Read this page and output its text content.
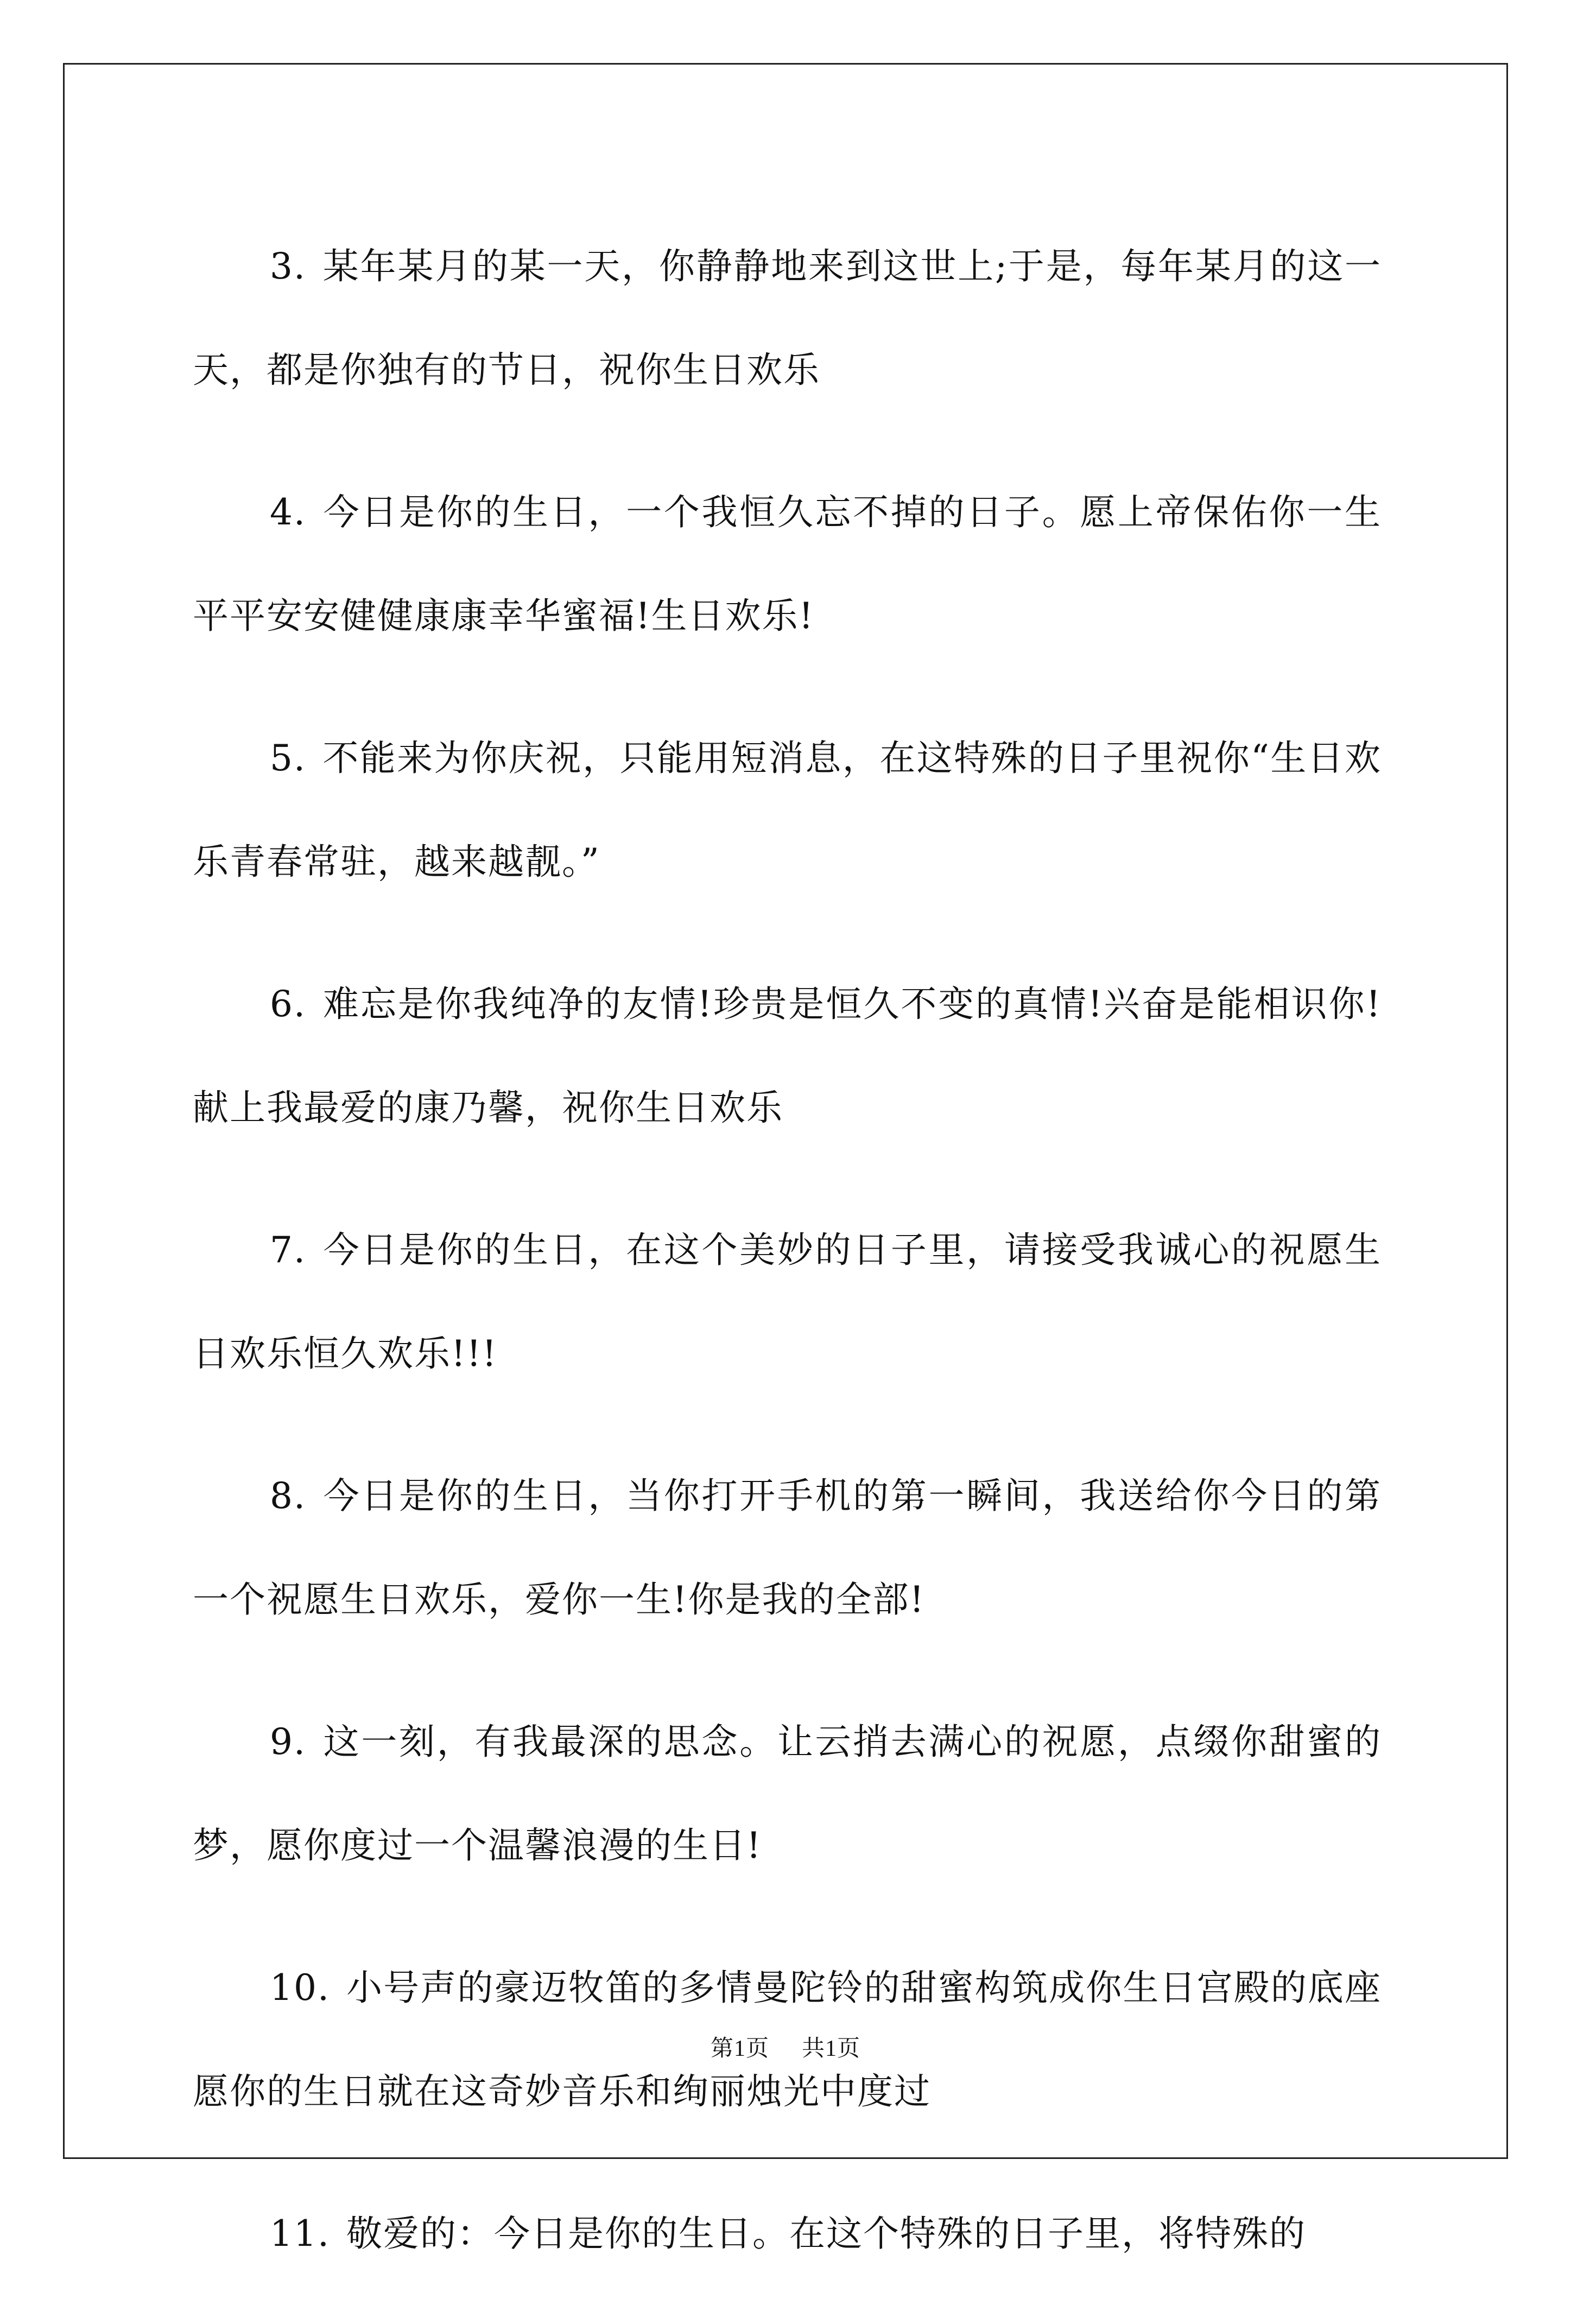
3. 某年某月的某一天，你静静地来到这世上;于是，每年某月的这一天，都是你独有的节日，祝你生日欢乐

4. 今日是你的生日，一个我恒久忘不掉的日子。愿上帝保佑你一生平平安安健健康康幸华蜜福!生日欢乐!

5. 不能来为你庆祝，只能用短消息，在这特殊的日子里祝你“生日欢乐青春常驻，越来越靓。”

6. 难忘是你我纯净的友情!珍贵是恒久不变的真情!兴奋是能相识你!献上我最爱的康乃馨，祝你生日欢乐

7. 今日是你的生日，在这个美妙的日子里，请接受我诚心的祝愿生日欢乐恒久欢乐!!!

8. 今日是你的生日，当你打开手机的第一瞬间，我送给你今日的第一个祝愿生日欢乐，爱你一生!你是我的全部!

9. 这一刻，有我最深的思念。让云捎去满心的祝愿，点缀你甜蜜的梦，愿你度过一个温馨浪漫的生日!

10. 小号声的豪迈牧笛的多情曼陀铃的甜蜜构筑成你生日宫殿的底座愿你的生日就在这奇妙音乐和绚丽烛光中度过

11. 敬爱的：今日是你的生日。在这个特殊的日子里，将特殊的

第1页 共1页
